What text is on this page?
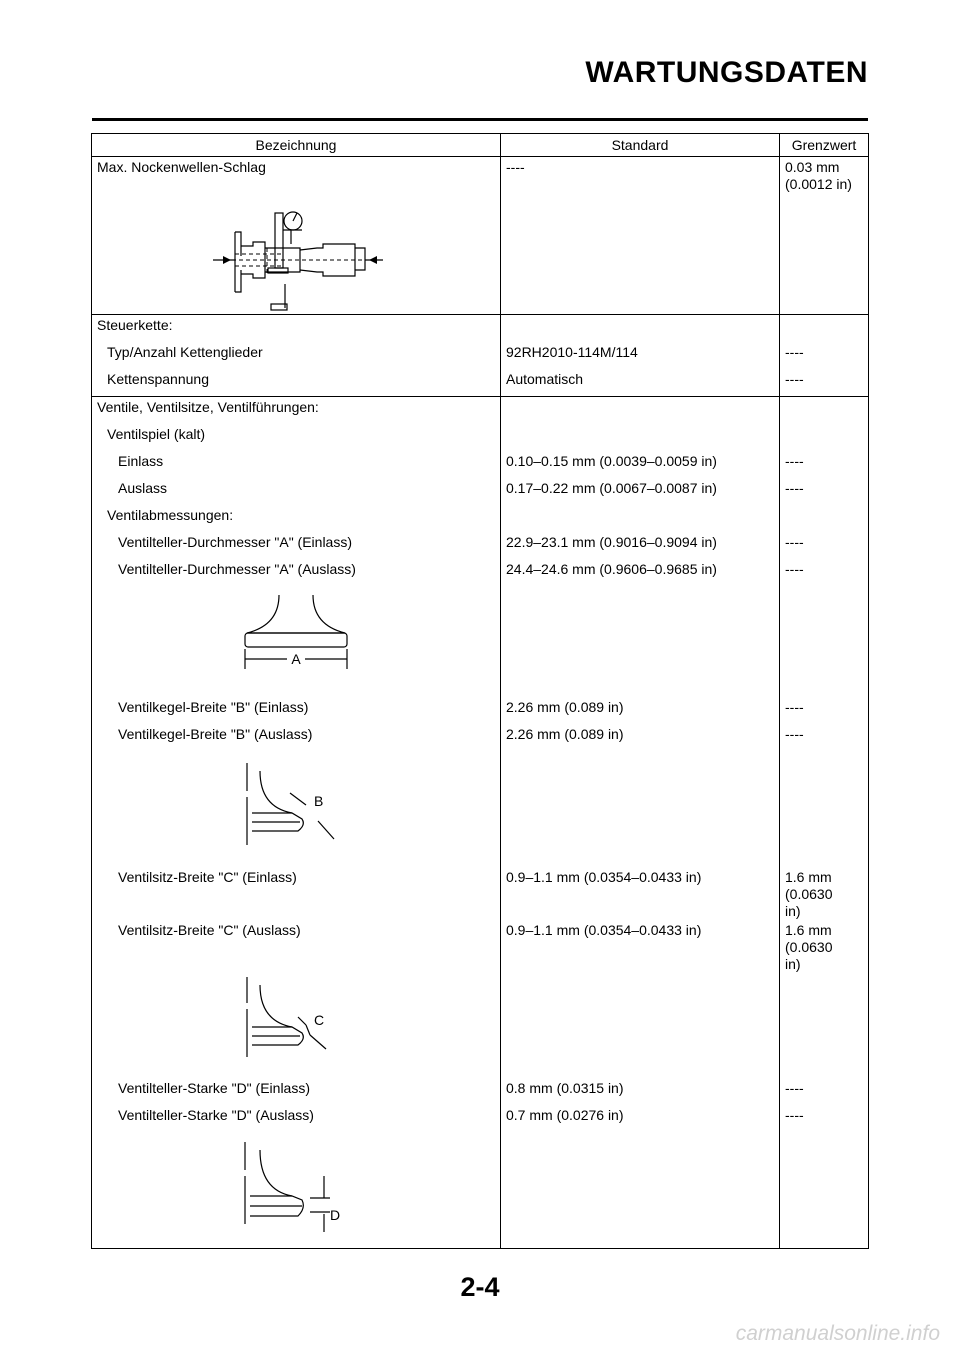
WARTUNGSDATEN
Bezeichnung	Standard	Grenzwert
Max. Nockenwellen-Schlag	----	0.03 mm
(0.0012 in)

Steuerkette:		
Typ/Anzahl Kettenglieder	92RH2010-114M/114	----
Kettenspannung	Automatisch	----
Ventile, Ventilsitze, Ventilführungen:		
Ventilspiel (kalt)		
Einlass	0.10–0.15 mm (0.0039–0.0059 in)	----
Auslass	0.17–0.22 mm (0.0067–0.0087 in)	----
Ventilabmessungen:		
Ventilteller-Durchmesser "A" (Einlass)	22.9–23.1 mm (0.9016–0.9094 in)	----
Ventilteller-Durchmesser "A" (Auslass)	24.4–24.6 mm (0.9606–0.9685 in)	----

A		

Ventilkegel-Breite "B" (Einlass)	2.26 mm (0.089 in)	----
Ventilkegel-Breite "B" (Auslass)	2.26 mm (0.089 in)	----

B		

Ventilsitz-Breite "C" (Einlass)	0.9–1.1 mm (0.0354–0.0433 in)	1.6 mm (0.0630
in)
Ventilsitz-Breite "C" (Auslass)	0.9–1.1 mm (0.0354–0.0433 in)	1.6 mm (0.0630
in)

C		

Ventilteller-Starke "D" (Einlass)	0.8 mm (0.0315 in)	----
Ventilteller-Starke "D" (Auslass)	0.7 mm (0.0276 in)	----

D		

2-4
carmanualsonline.info
